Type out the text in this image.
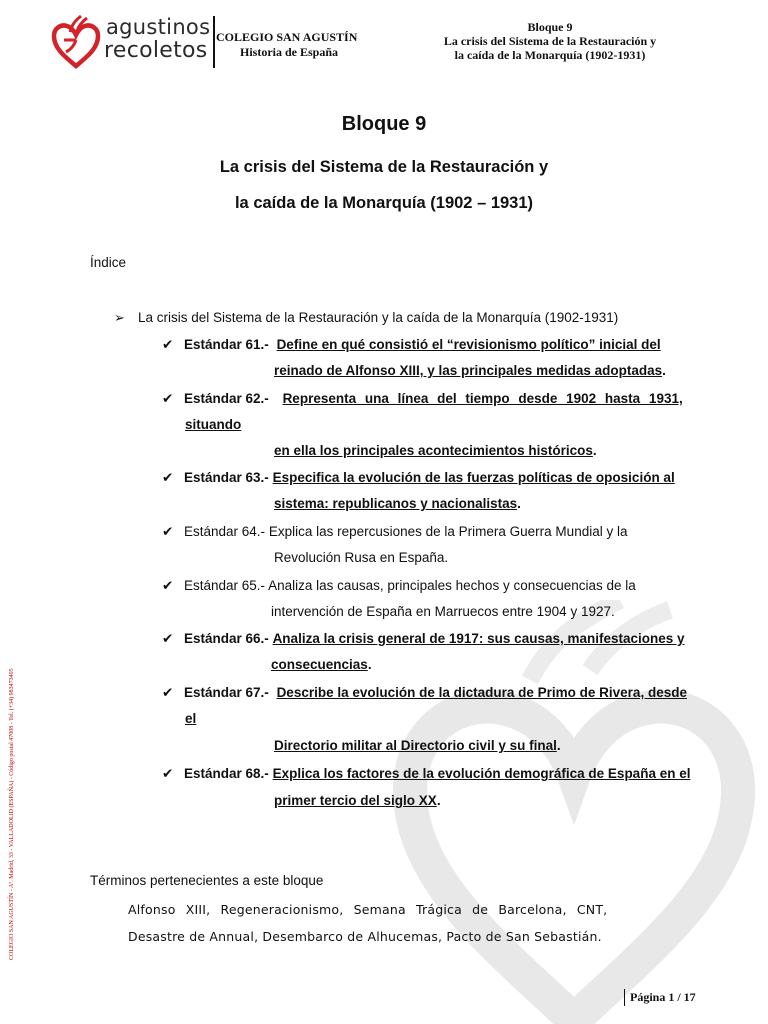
agustinos
recoletos
COLEGIO SAN AGUSTÍN
Historia de España
Bloque 9
La crisis del Sistema de la Restauración y
la caída de la Monarquía (1902-1931)
Bloque 9
La crisis del Sistema de la Restauración y
la caída de la Monarquía (1902 – 1931)
Índice
➢ La crisis del Sistema de la Restauración y la caída de la Monarquía (1902-1931)
✔ Estándar 61.- Define en qué consistió el “revisionismo político” inicial del
reinado de Alfonso XIII, y las principales medidas adoptadas.
✔ Estándar 62.- Representa una línea del tiempo desde 1902 hasta 1931,
situando
en ella los principales acontecimientos históricos.
✔ Estándar 63.- Especifica la evolución de las fuerzas políticas de oposición al
sistema: republicanos y nacionalistas.
✔ Estándar 64.- Explica las repercusiones de la Primera Guerra Mundial y la
Revolución Rusa en España.
✔ Estándar 65.- Analiza las causas, principales hechos y consecuencias de la
intervención de España en Marruecos entre 1904 y 1927.
✔ Estándar 66.- Analiza la crisis general de 1917: sus causas, manifestaciones y
consecuencias.
✔ Estándar 67.- Describe la evolución de la dictadura de Primo de Rivera, desde
el
Directorio militar al Directorio civil y su final.
✔ Estándar 68.- Explica los factores de la evolución demográfica de España en el
primer tercio del siglo XX.
Términos pertenecientes a este bloque
Alfonso XIII, Regeneracionismo, Semana Trágica de Barcelona, CNT,
Desastre de Annual, Desembarco de Alhucemas, Pacto de San Sebastián.
COLEGIO SAN AGUSTÍN - Aº. Madrid, 33 - VALLADOLID (ESPAÑA) - Código postal 47008 - Tel. (+34) 983473405
Página 1 / 17
